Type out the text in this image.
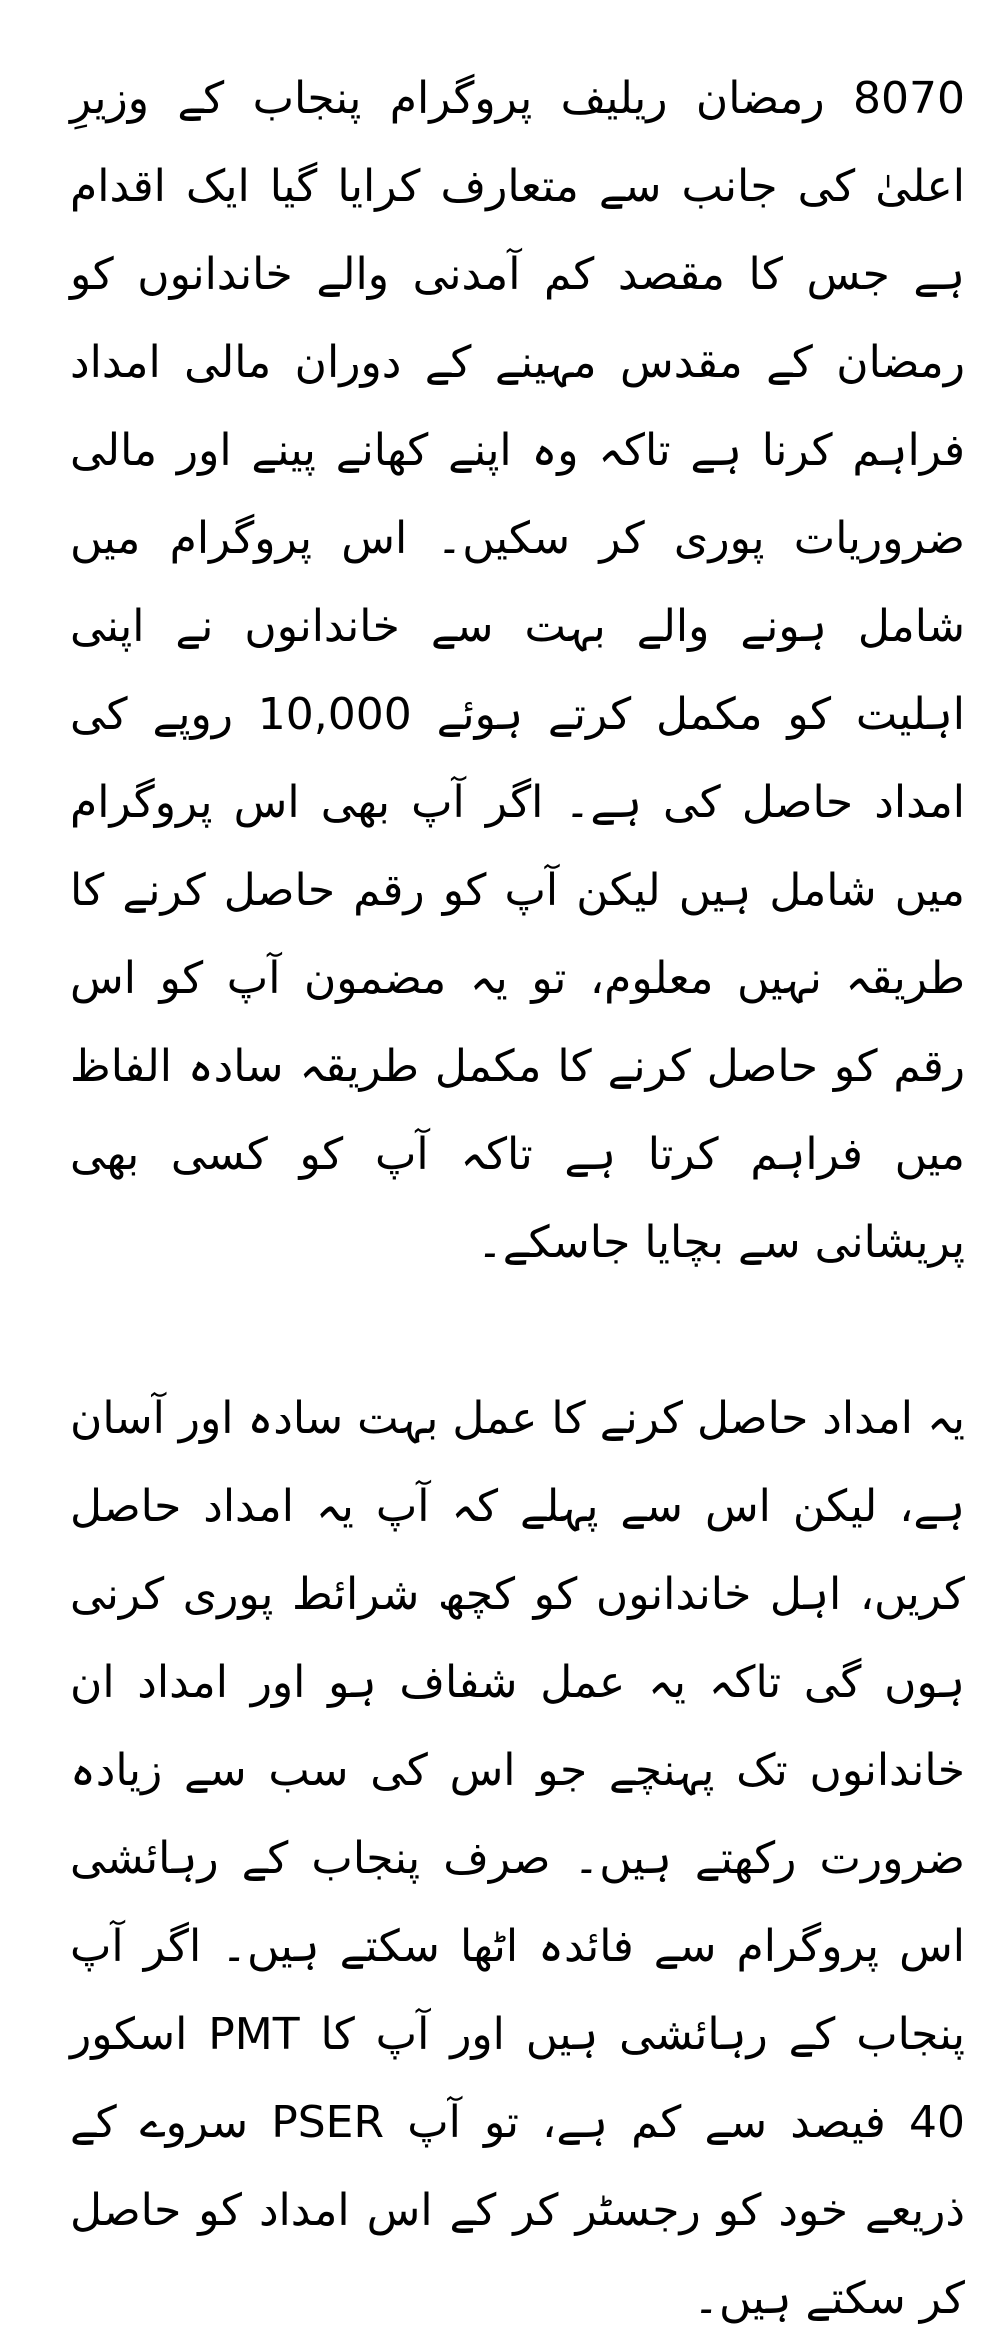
8070 رمضان ریلیف پروگرام پنجاب کے وزیرِ اعلیٰ کی جانب سے متعارف کرایا گیا ایک اقدام ہے جس کا مقصد کم آمدنی والے خاندانوں کو رمضان کے مقدس مہینے کے دوران مالی امداد فراہم کرنا ہے تاکہ وہ اپنے کھانے پینے اور مالی ضروریات پوری کر سکیں۔ اس پروگرام میں شامل ہونے والے بہت سے خاندانوں نے اپنی اہلیت کو مکمل کرتے ہوئے 10,000 روپے کی امداد حاصل کی ہے۔ اگر آپ بھی اس پروگرام میں شامل ہیں لیکن آپ کو رقم حاصل کرنے کا طریقہ نہیں معلوم، تو یہ مضمون آپ کو اس رقم کو حاصل کرنے کا مکمل طریقہ سادہ الفاظ میں فراہم کرتا ہے تاکہ آپ کو کسی بھی پریشانی سے بچایا جاسکے۔

یہ امداد حاصل کرنے کا عمل بہت سادہ اور آسان ہے، لیکن اس سے پہلے کہ آپ یہ امداد حاصل کریں، اہل خاندانوں کو کچھ شرائط پوری کرنی ہوں گی تاکہ یہ عمل شفاف ہو اور امداد ان خاندانوں تک پہنچے جو اس کی سب سے زیادہ ضرورت رکھتے ہیں۔ صرف پنجاب کے رہائشی اس پروگرام سے فائدہ اٹھا سکتے ہیں۔ اگر آپ پنجاب کے رہائشی ہیں اور آپ کا PMT اسکور 40 فیصد سے کم ہے، تو آپ PSER سروے کے ذریعے خود کو رجسٹر کر کے اس امداد کو حاصل کر سکتے ہیں۔
